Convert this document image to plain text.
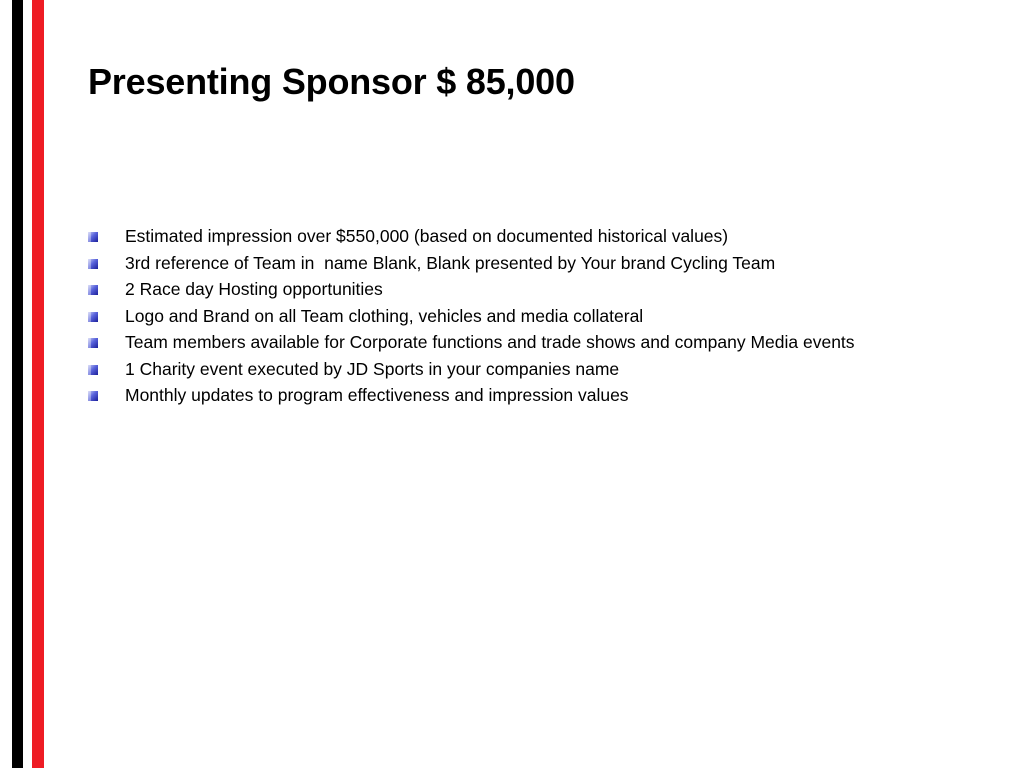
Presenting Sponsor $ 85,000
Estimated impression over $550,000 (based on documented historical values)
3rd reference of Team in  name Blank, Blank presented by Your brand Cycling Team
2 Race day Hosting opportunities
Logo and Brand on all Team clothing, vehicles and media collateral
Team members available for Corporate functions and trade shows and company Media events
1 Charity event executed by JD Sports in your companies name
Monthly updates to program effectiveness and impression values
